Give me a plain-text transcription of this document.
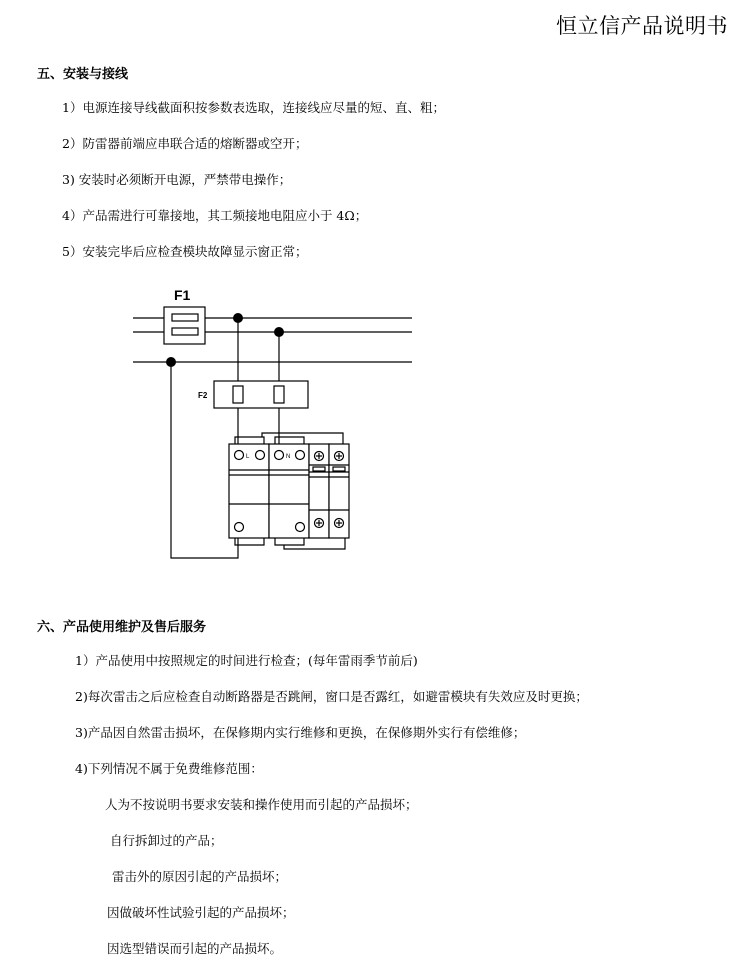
恒立信产品说明书
五、安装与接线
1）电源连接导线截面积按参数表选取，连接线应尽量的短、直、粗；
2）防雷器前端应串联合适的熔断器或空开；
3) 安装时必须断开电源，严禁带电操作；
4）产品需进行可靠接地，其工频接地电阻应小于 4Ω；
5）安装完毕后应检查模块故障显示窗正常；
F1
F2
L	N
六、产品使用维护及售后服务
1）产品使用中按照规定的时间进行检查；(每年雷雨季节前后)
2)每次雷击之后应检查自动断路器是否跳闸，窗口是否露红，如避雷模块有失效应及时更换；
3)产品因自然雷击损坏，在保修期内实行维修和更换，在保修期外实行有偿维修；
4)下列情况不属于免费维修范围：
人为不按说明书要求安装和操作使用而引起的产品损坏；
自行拆卸过的产品；
雷击外的原因引起的产品损坏；
因做破坏性试验引起的产品损坏；
因选型错误而引起的产品损坏。
